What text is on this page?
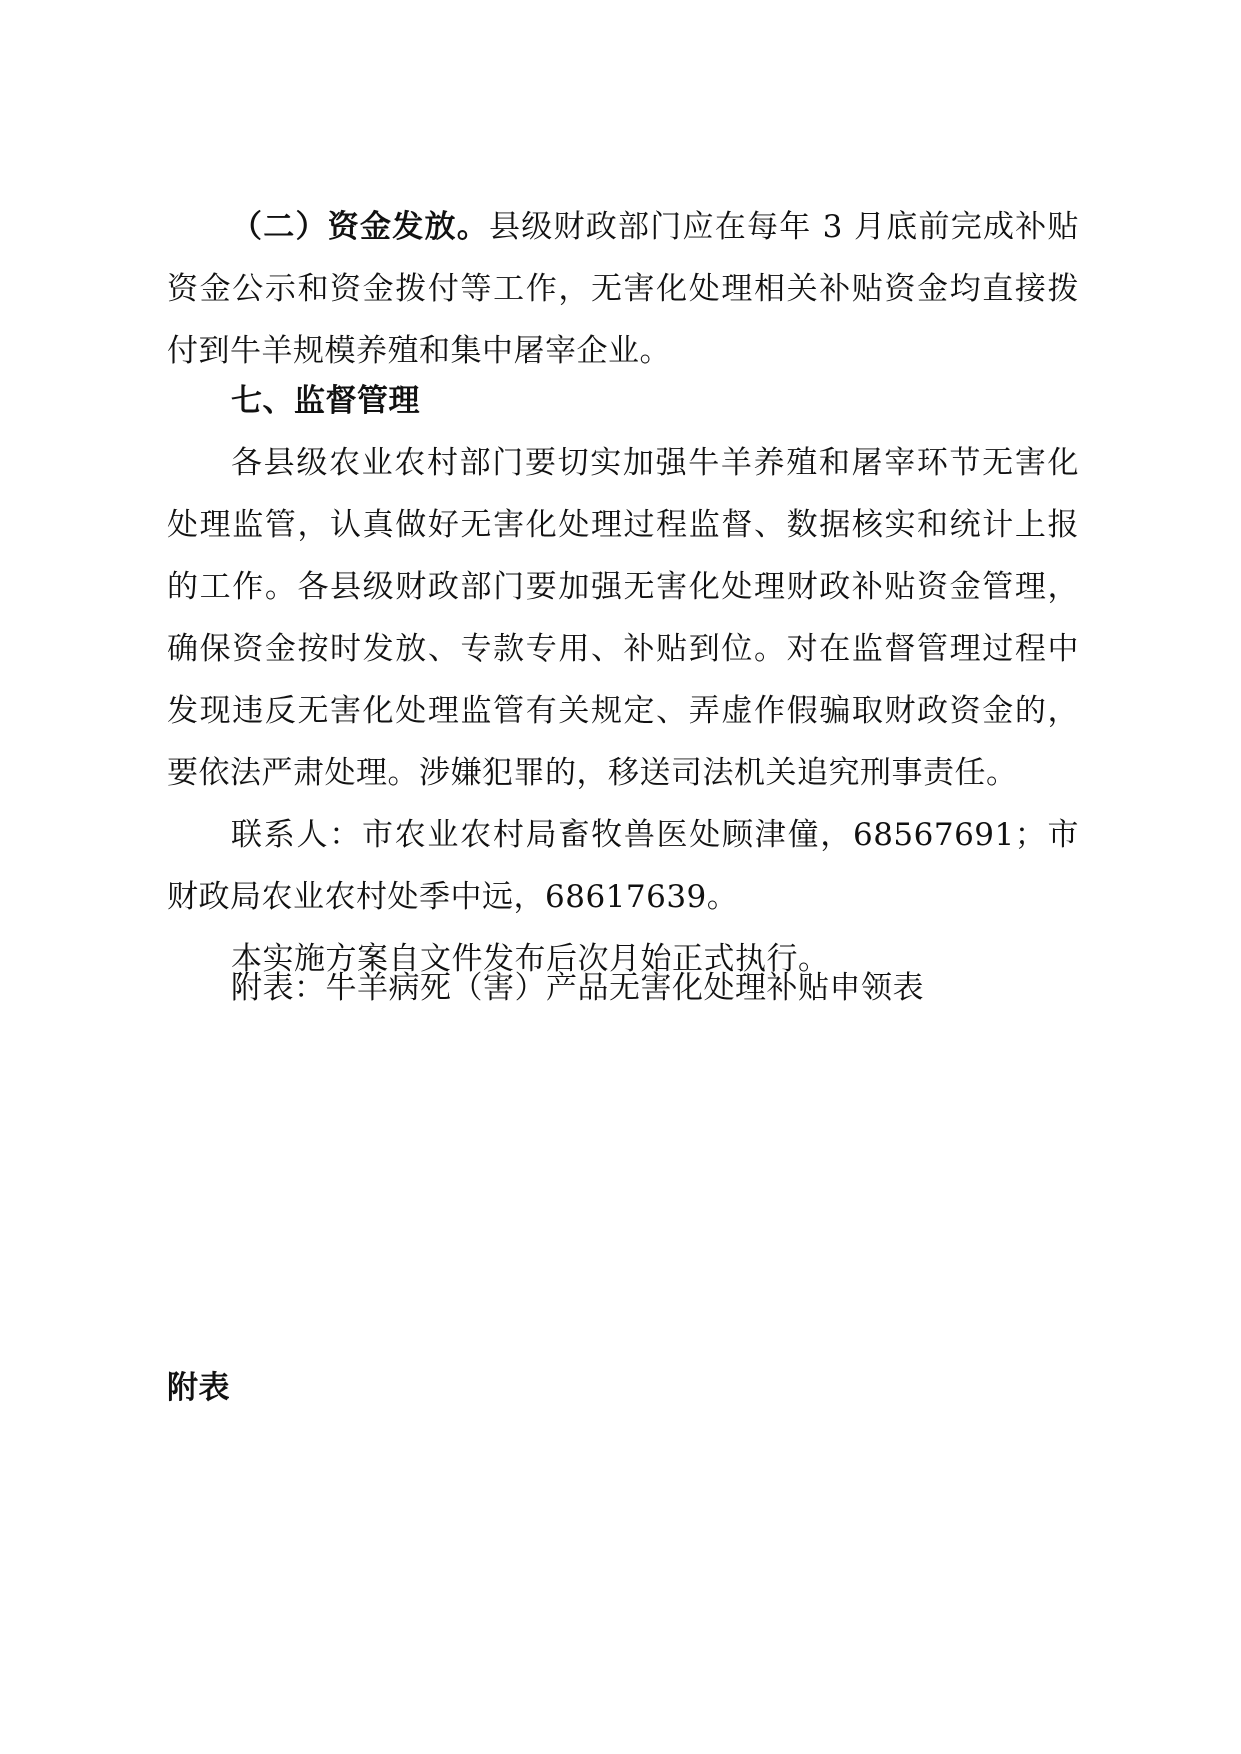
（二）资金发放。县级财政部门应在每年 3 月底前完成补贴资金公示和资金拨付等工作，无害化处理相关补贴资金均直接拨付到牛羊规模养殖和集中屠宰企业。

七、监督管理

各县级农业农村部门要切实加强牛羊养殖和屠宰环节无害化处理监管，认真做好无害化处理过程监督、数据核实和统计上报的工作。各县级财政部门要加强无害化处理财政补贴资金管理，确保资金按时发放、专款专用、补贴到位。对在监督管理过程中发现违反无害化处理监管有关规定、弄虚作假骗取财政资金的，要依法严肃处理。涉嫌犯罪的，移送司法机关追究刑事责任。

联系人：市农业农村局畜牧兽医处顾津僮，68567691；市财政局农业农村处季中远，68617639。

本实施方案自文件发布后次月始正式执行。

附表：牛羊病死（害）产品无害化处理补贴申领表

附表
